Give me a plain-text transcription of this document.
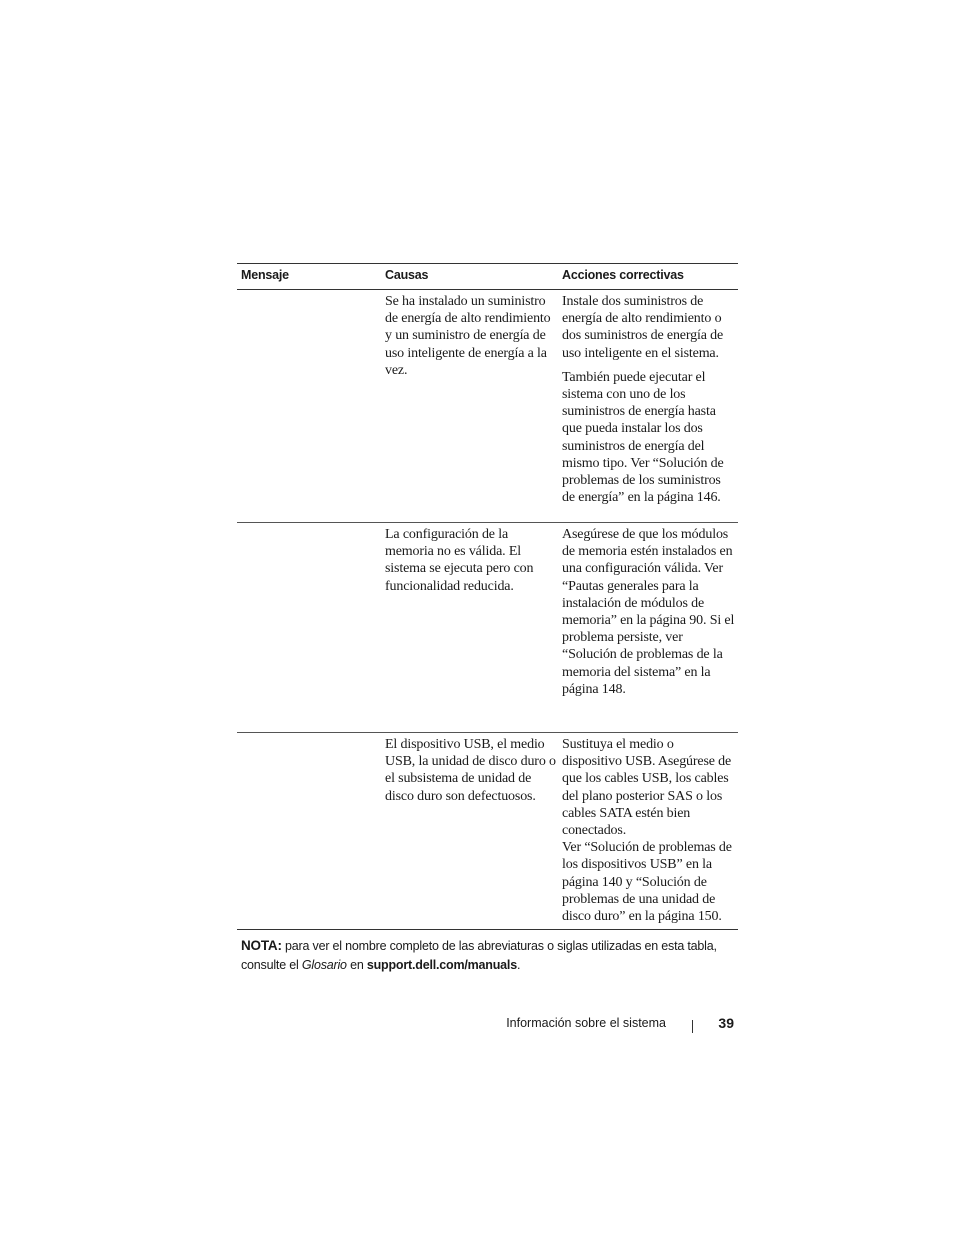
Mensaje	Causas	Acciones correctivas

	Se ha instalado un suministro de energía de alto rendimiento y un suministro de energía de uso inteligente de energía a la vez.	Instale dos suministros de energía de alto rendimiento o dos suministros de energía de uso inteligente en el sistema.

También puede ejecutar el sistema con uno de los suministros de energía hasta que pueda instalar los dos suministros de energía del mismo tipo. Ver “Solución de problemas de los suministros de energía” en la página 146.

	La configuración de la memoria no es válida. El sistema se ejecuta pero con funcionalidad reducida.	Asegúrese de que los módulos de memoria estén instalados en una configuración válida. Ver “Pautas generales para la instalación de módulos de memoria” en la página 90. Si el problema persiste, ver “Solución de problemas de la memoria del sistema” en la página 148.

	El dispositivo USB, el medio USB, la unidad de disco duro o el subsistema de unidad de disco duro son defectuosos.	Sustituya el medio o dispositivo USB. Asegúrese de que los cables USB, los cables del plano posterior SAS o los cables SATA estén bien conectados.

Ver “Solución de problemas de los dispositivos USB” en la página 140 y “Solución de problemas de una unidad de disco duro” en la página 150.

NOTA: para ver el nombre completo de las abreviaturas o siglas utilizadas en esta tabla, consulte el Glosario en support.dell.com/manuals.
Información sobre el sistema	39
